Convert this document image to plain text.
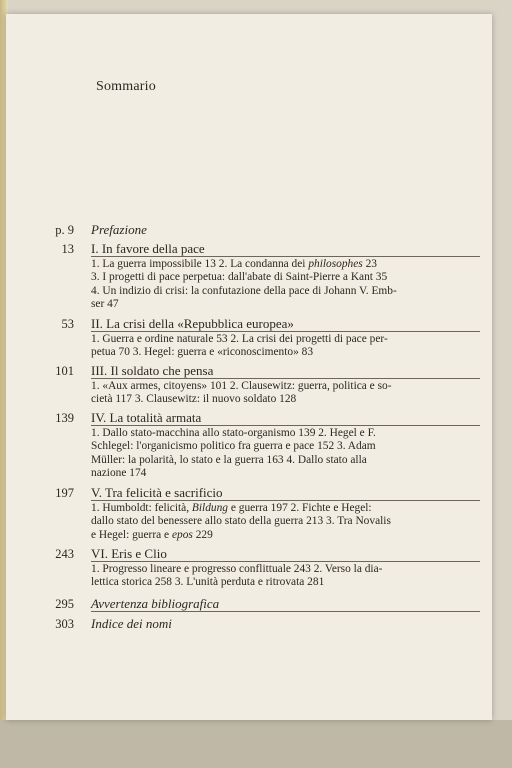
Sommario
p. 9 Prefazione
13 I. In favore della pace
1. La guerra impossibile 13 2. La condanna dei philosophes 23
3. I progetti di pace perpetua: dall'abate di Saint-Pierre a Kant 35
4. Un indizio di crisi: la confutazione della pace di Johann V. Emb-
ser 47
53 II. La crisi della «Repubblica europea»
1. Guerra e ordine naturale 53 2. La crisi dei progetti di pace per-
petua 70 3. Hegel: guerra e «riconoscimento» 83
101 III. Il soldato che pensa
1. «Aux armes, citoyens» 101 2. Clausewitz: guerra, politica e so-
cietà 117 3. Clausewitz: il nuovo soldato 128
139 IV. La totalità armata
1. Dallo stato-macchina allo stato-organismo 139 2. Hegel e F.
Schlegel: l'organicismo politico fra guerra e pace 152 3. Adam
Müller: la polarità, lo stato e la guerra 163 4. Dallo stato alla
nazione 174
197 V. Tra felicità e sacrificio
1. Humboldt: felicità, Bildung e guerra 197 2. Fichte e Hegel:
dallo stato del benessere allo stato della guerra 213 3. Tra Novalis
e Hegel: guerra e epos 229
243 VI. Eris e Clio
1. Progresso lineare e progresso conflittuale 243 2. Verso la dia-
lettica storica 258 3. L'unità perduta e ritrovata 281
295 Avvertenza bibliografica
303 Indice dei nomi
